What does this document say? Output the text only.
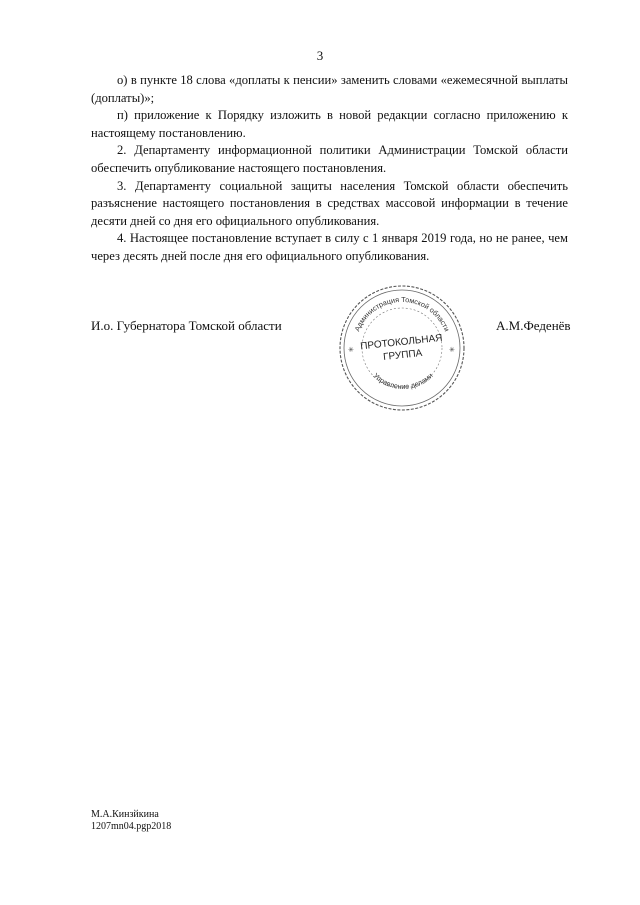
3

о) в пункте 18 слова «доплаты к пенсии» заменить словами «ежемесячной выплаты (доплаты)»;

п) приложение к Порядку изложить в новой редакции согласно приложению к настоящему постановлению.

2. Департаменту информационной политики Администрации Томской области обеспечить опубликование настоящего постановления.

3. Департаменту социальной защиты населения Томской области обеспечить разъяснение настоящего постановления в средствах массовой информации в течение десяти дней со дня его официального опубликования.

4. Настоящее постановление вступает в силу с 1 января 2019 года, но не ранее, чем через десять дней после дня его официального опубликования.

И.о. Губернатора Томской области	А.М.Феденёв
Администрация Томской области
Управление делами
ПРОТОКОЛЬНАЯ
ГРУППА
✳	✳
М.А.Кинзйкина
1207mn04.pgp2018
